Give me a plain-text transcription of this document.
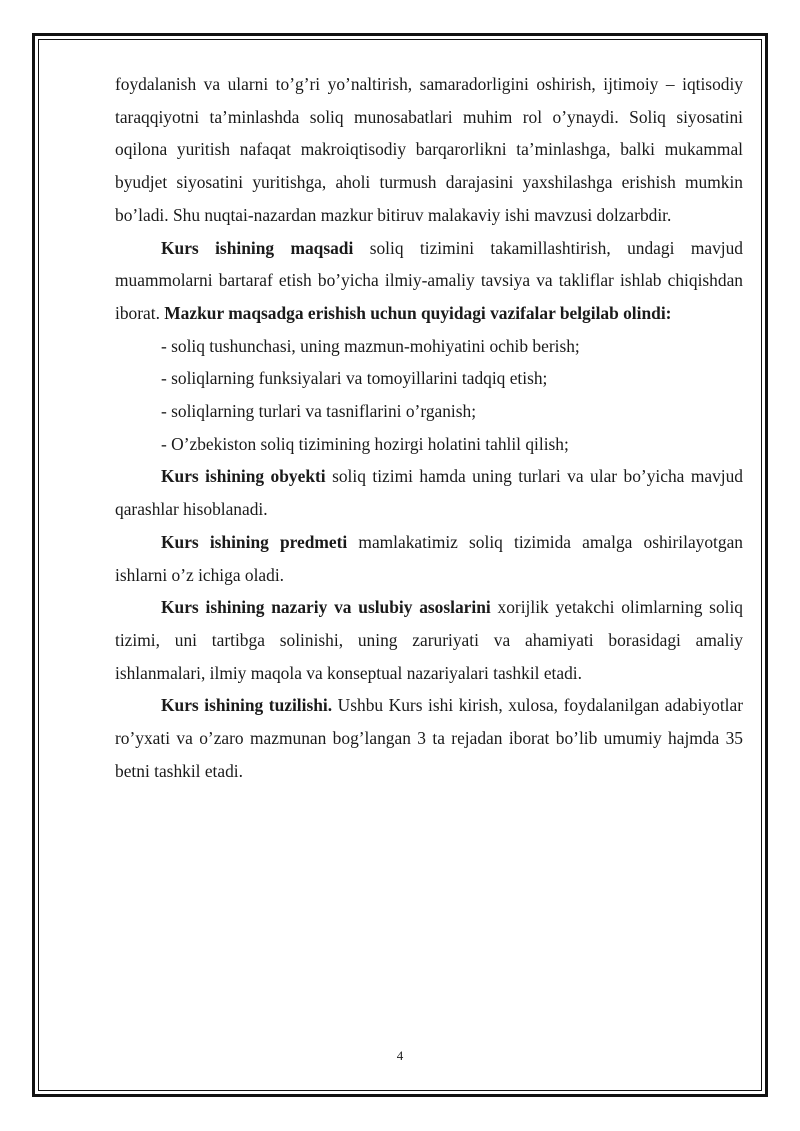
foydalanish va ularni to’g’ri yo’naltirish, samaradorligini oshirish, ijtimoiy – iqtisodiy taraqqiyotni ta’minlashda soliq munosabatlari muhim rol o’ynaydi. Soliq siyosatini oqilona yuritish nafaqat makroiqtisodiy barqarorlikni ta’minlashga, balki mukammal byudjet siyosatini yuritishga, aholi turmush darajasini yaxshilashga erishish mumkin bo’ladi. Shu nuqtai-nazardan mazkur bitiruv malakaviy ishi mavzusi dolzarbdir.

Kurs ishining maqsadi soliq tizimini takamillashtirish, undagi mavjud muammolarni bartaraf etish bo’yicha ilmiy-amaliy tavsiya va takliflar ishlab chiqishdan iborat. Mazkur maqsadga erishish uchun quyidagi vazifalar belgilab olindi:

- soliq tushunchasi, uning mazmun-mohiyatini ochib berish;

- soliqlarning funksiyalari va tomoyillarini tadqiq etish;

- soliqlarning turlari va tasniflarini o’rganish;

- O’zbekiston soliq tizimining hozirgi holatini tahlil qilish;

Kurs ishining obyekti soliq tizimi hamda uning turlari va ular bo’yicha mavjud qarashlar hisoblanadi.

Kurs ishining predmeti mamlakatimiz soliq tizimida amalga oshirilayotgan ishlarni o’z ichiga oladi.

Kurs ishining nazariy va uslubiy asoslarini xorijlik yetakchi olimlarning soliq tizimi, uni tartibga solinishi, uning zaruriyati va ahamiyati borasidagi amaliy ishlanmalari, ilmiy maqola va konseptual nazariyalari tashkil etadi.

Kurs ishining tuzilishi. Ushbu Kurs ishi kirish, xulosa, foydalanilgan adabiyotlar ro’yxati va o’zaro mazmunan bog’langan 3 ta rejadan iborat bo’lib umumiy hajmda 35 betni tashkil etadi.

4
